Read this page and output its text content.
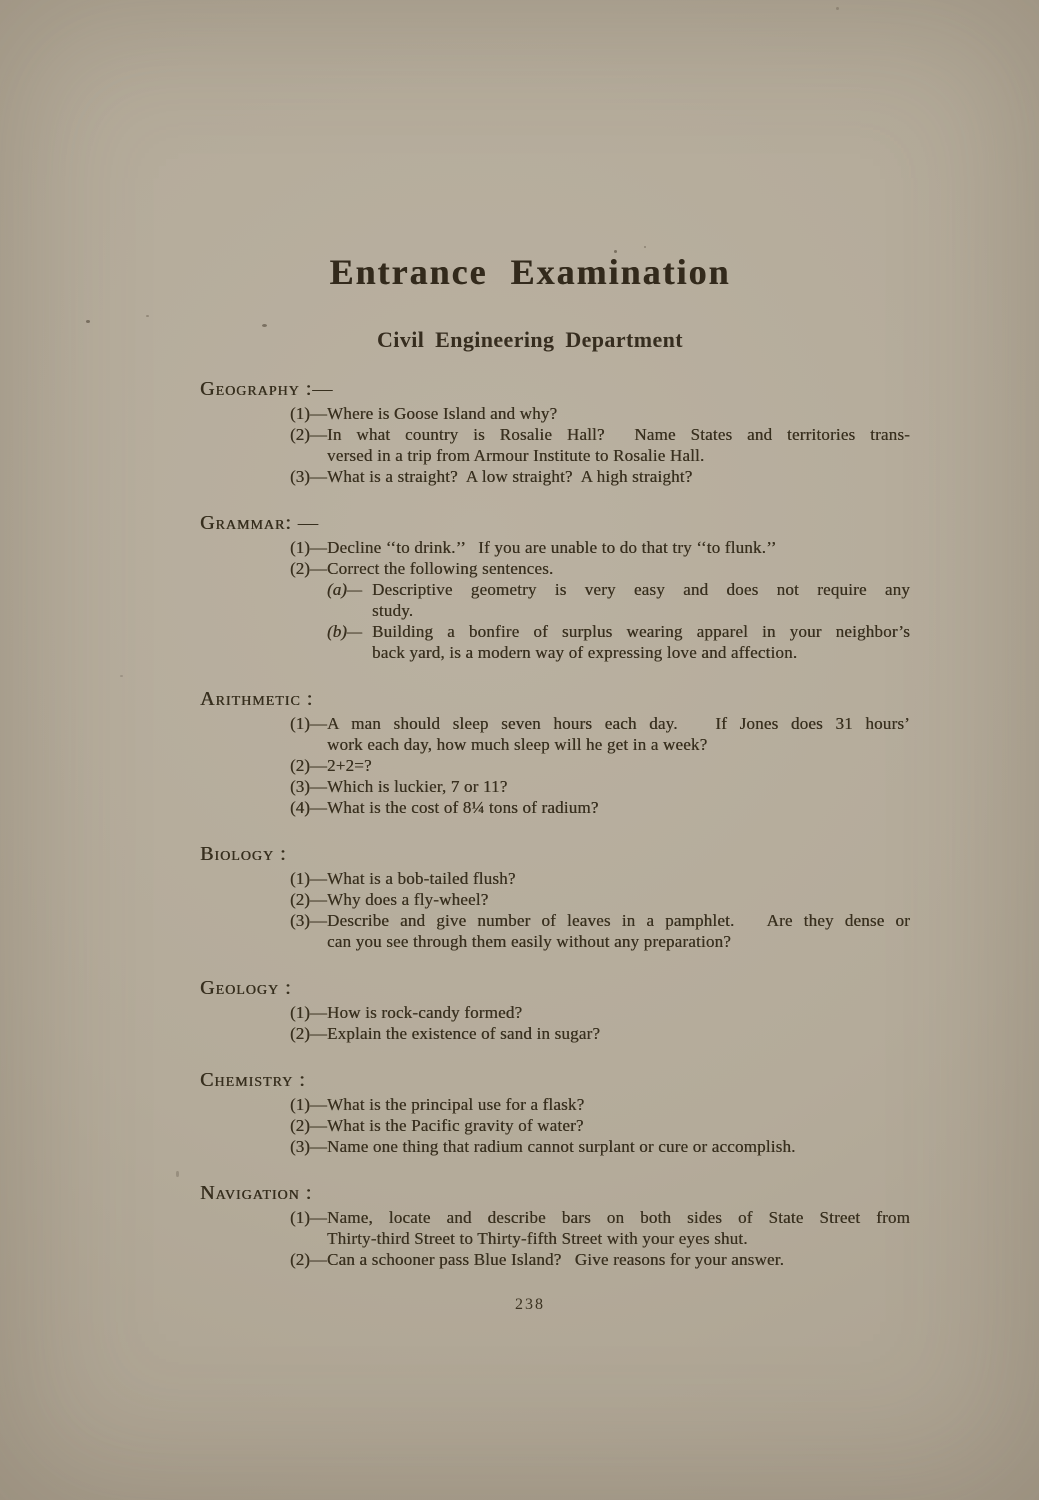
Entrance Examination
Civil Engineering Department
Geography :—
(1)— Where is Goose Island and why?
(2)— In what country is Rosalie Hall?  Name States and territories trans-
versed in a trip from Armour Institute to Rosalie Hall.
(3)— What is a straight?  A low straight?  A high straight?
Grammar: —
(1)— Decline ‘‘to drink.’’   If you are unable to do that try ‘‘to flunk.’’
(2)— Correct the following sentences.
(a)— Descriptive geometry is very easy and does not require any
study.
(b)— Building a bonfire of surplus wearing apparel in your neighbor’s
back yard, is a modern way of expressing love and affection.
Arithmetic :
(1)— A man should sleep seven hours each day.   If Jones does 31 hours’
work each day, how much sleep will he get in a week?
(2)— 2+2=?
(3)— Which is luckier, 7 or 11?
(4)— What is the cost of 8¼ tons of radium?
Biology :
(1)— What is a bob-tailed flush?
(2)— Why does a fly-wheel?
(3)— Describe and give number of leaves in a pamphlet.   Are they dense or
can you see through them easily without any preparation?
Geology :
(1)— How is rock-candy formed?
(2)— Explain the existence of sand in sugar?
Chemistry :
(1)— What is the principal use for a flask?
(2)— What is the Pacific gravity of water?
(3)— Name one thing that radium cannot surplant or cure or accomplish.
Navigation :
(1)— Name, locate and describe bars on both sides of State Street from
Thirty-third Street to Thirty-fifth Street with your eyes shut.
(2)— Can a schooner pass Blue Island?   Give reasons for your answer.
238
